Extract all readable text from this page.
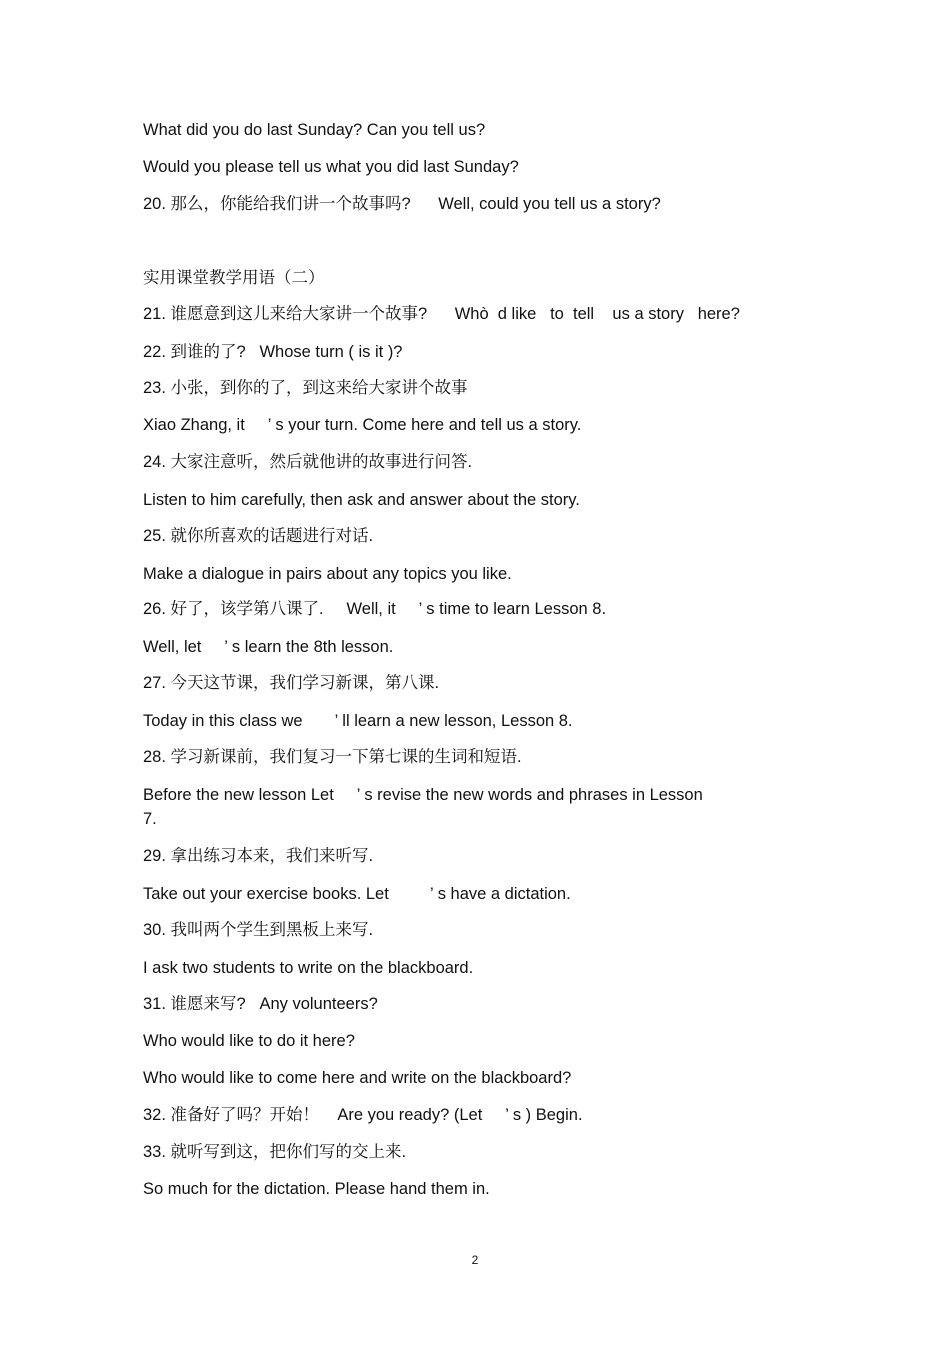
What did you do last Sunday? Can you tell us?
Would you please tell us what you did last Sunday?
20. 那么，你能给我们讲一个故事吗?      Well, could you tell us a story?
实用课堂教学用语（二）
21. 谁愿意到这儿来给大家讲一个故事?      Whò  d like   to  tell    us a story   here?
22. 到谁的了?   Whose turn ( is it )?
23. 小张，到你的了，到这来给大家讲个故事
Xiao Zhang, it     ’ s your turn. Come here and tell us a story.
24. 大家注意听，然后就他讲的故事进行问答.
Listen to him carefully, then ask and answer about the story.
25. 就你所喜欢的话题进行对话.
Make a dialogue in pairs about any topics you like.
26. 好了，该学第八课了.     Well, it     ’ s time to learn Lesson 8.
Well, let     ’ s learn the 8th lesson.
27. 今天这节课，我们学习新课，第八课.
Today in this class we       ’ ll learn a new lesson, Lesson 8.
28. 学习新课前，我们复习一下第七课的生词和短语.
Before the new lesson Let     ’ s revise the new words and phrases in Lesson
7.
29. 拿出练习本来，我们来听写.
Take out your exercise books. Let         ’ s have a dictation.
30. 我叫两个学生到黑板上来写.
I ask two students to write on the blackboard.
31. 谁愿来写?   Any volunteers?
Who would like to do it here?
Who would like to come here and write on the blackboard?
32. 准备好了吗？开始！    Are you ready? (Let     ’ s ) Begin.
33. 就听写到这，把你们写的交上来.
So much for the dictation. Please hand them in.
2
